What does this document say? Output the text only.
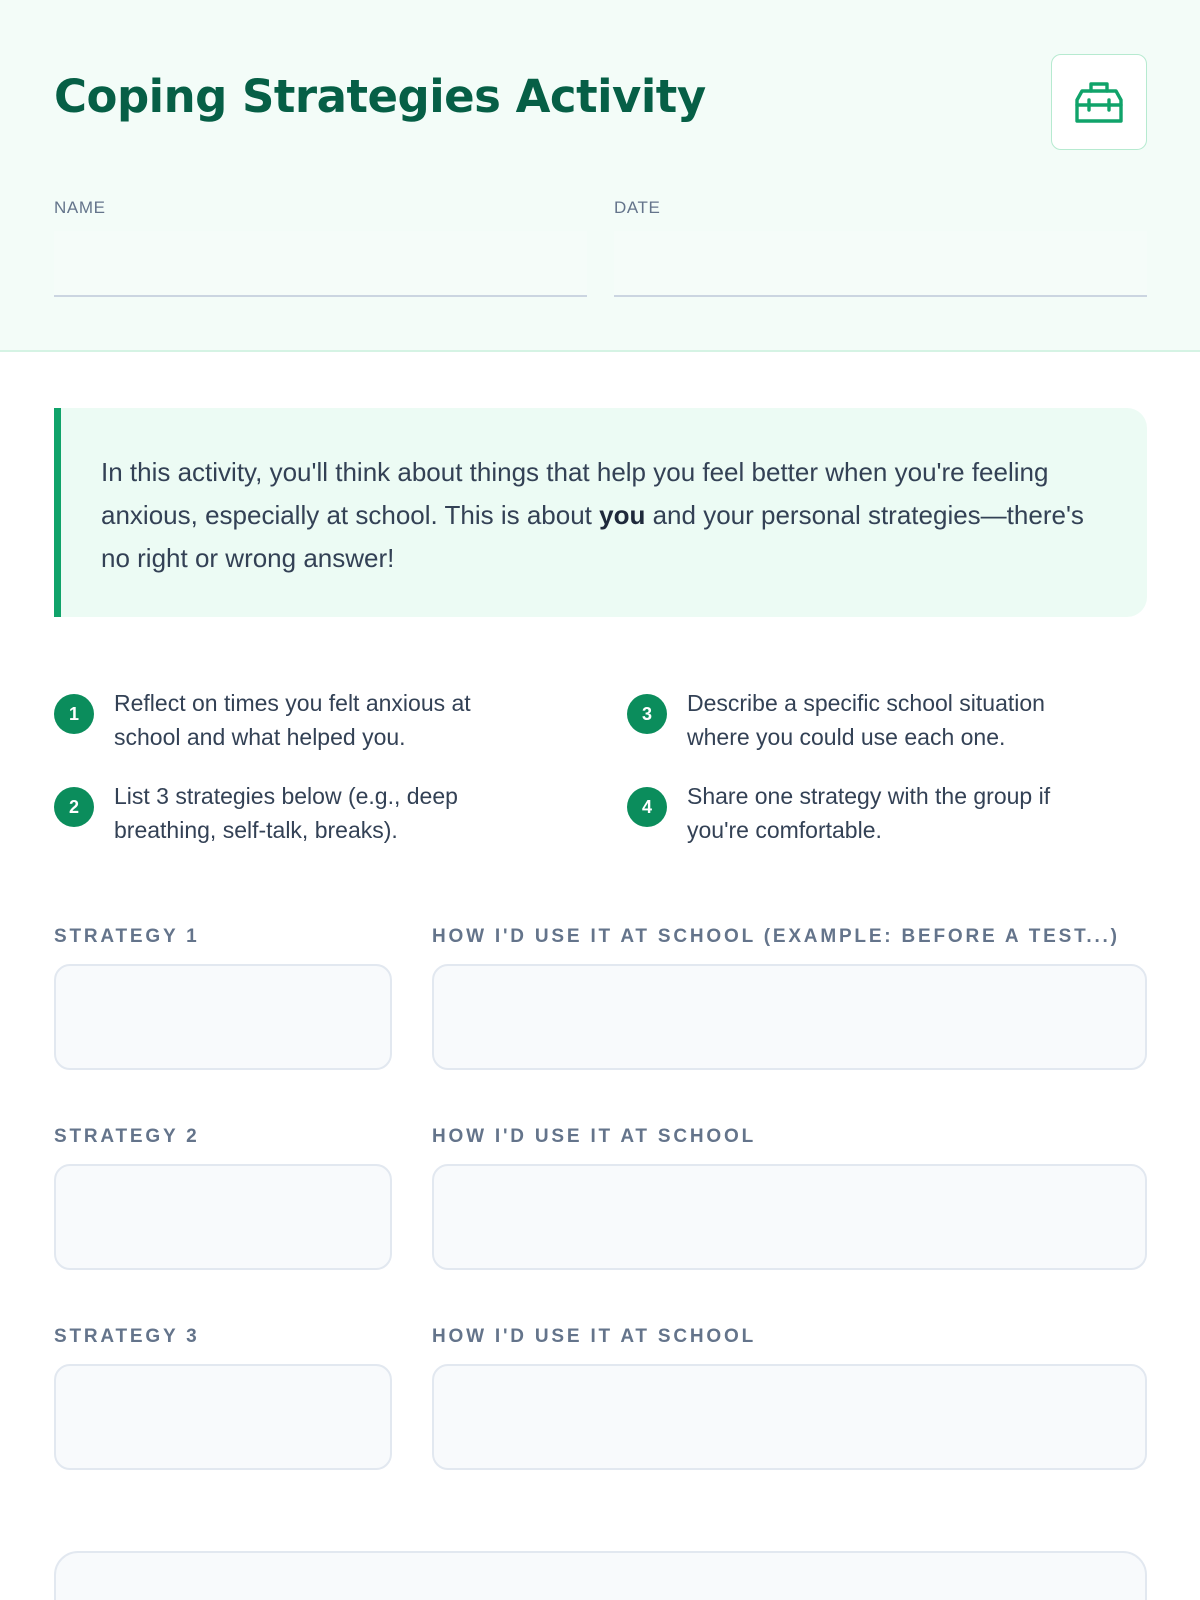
Coping Strategies Activity
NAME	DATE
In this activity, you'll think about things that help you feel better when you're feeling anxious, especially at school. This is about you and your personal strategies—there's no right or wrong answer!
1	Reflect on times you felt anxious at school and what helped you.
2	List 3 strategies below (e.g., deep breathing, self-talk, breaks).
3	Describe a specific school situation where you could use each one.
4	Share one strategy with the group if you're comfortable.
STRATEGY 1	HOW I'D USE IT AT SCHOOL (EXAMPLE: BEFORE A TEST...)
STRATEGY 2	HOW I'D USE IT AT SCHOOL
STRATEGY 3	HOW I'D USE IT AT SCHOOL
